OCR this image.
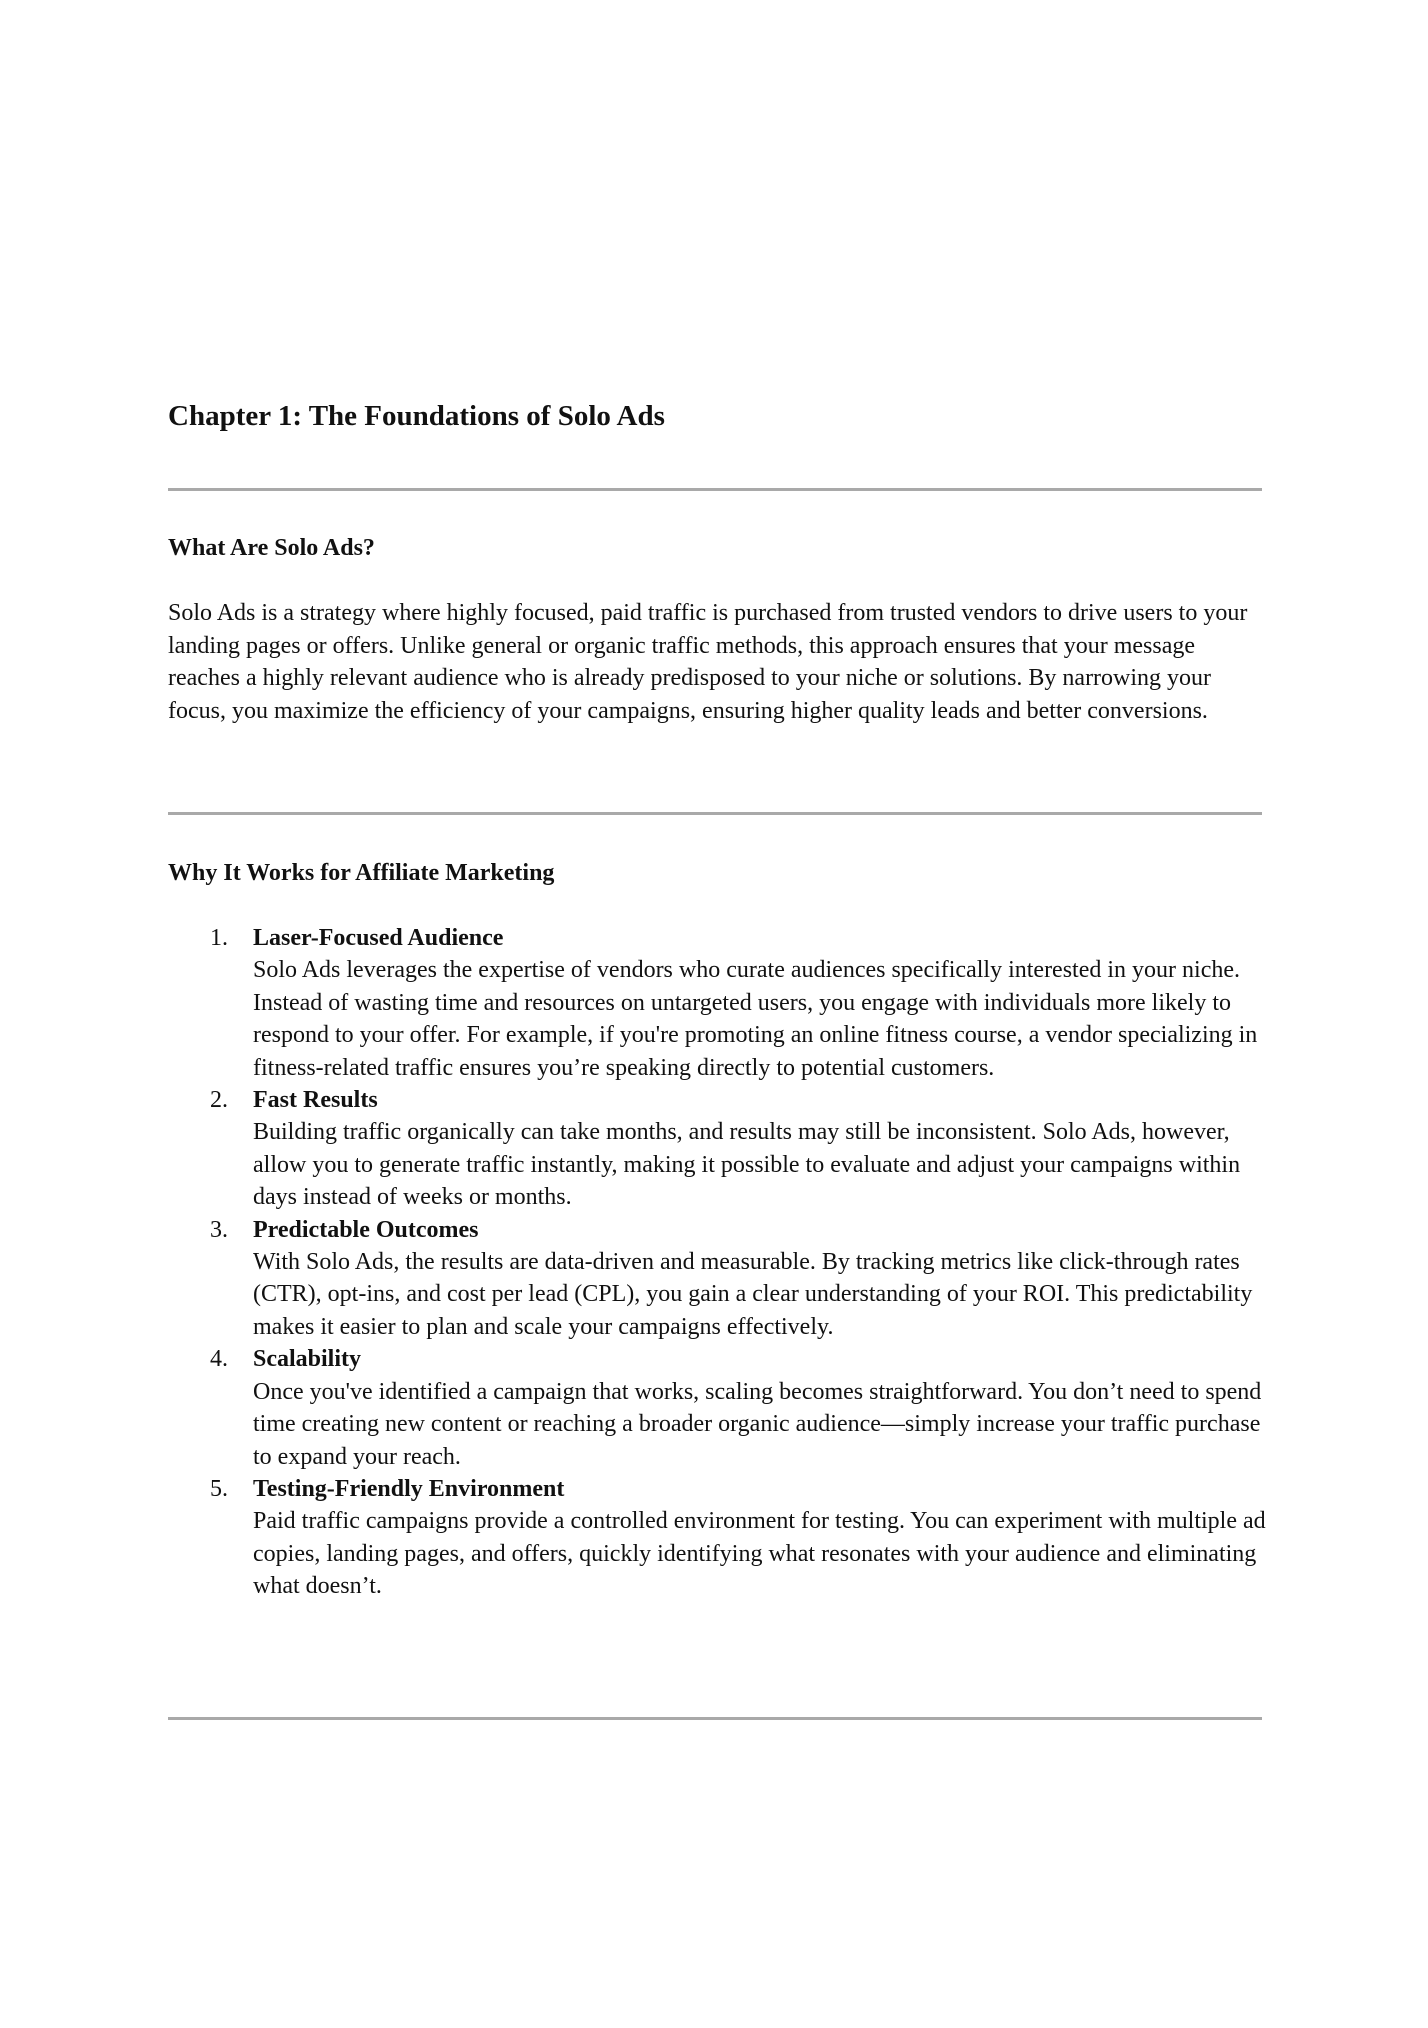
Chapter 1: The Foundations of Solo Ads
What Are Solo Ads?

Solo Ads is a strategy where highly focused, paid traffic is purchased from trusted vendors to drive users to your landing pages or offers. Unlike general or organic traffic methods, this approach ensures that your message reaches a highly relevant audience who is already predisposed to your niche or solutions. By narrowing your focus, you maximize the efficiency of your campaigns, ensuring higher quality leads and better conversions.

Why It Works for Affiliate Marketing
1. Laser-Focused Audience
Solo Ads leverages the expertise of vendors who curate audiences specifically interested in your niche. Instead of wasting time and resources on untargeted users, you engage with individuals more likely to respond to your offer. For example, if you're promoting an online fitness course, a vendor specializing in fitness-related traffic ensures you’re speaking directly to potential customers.
2. Fast Results
Building traffic organically can take months, and results may still be inconsistent. Solo Ads, however, allow you to generate traffic instantly, making it possible to evaluate and adjust your campaigns within days instead of weeks or months.
3. Predictable Outcomes
With Solo Ads, the results are data-driven and measurable. By tracking metrics like click-through rates (CTR), opt-ins, and cost per lead (CPL), you gain a clear understanding of your ROI. This predictability makes it easier to plan and scale your campaigns effectively.
4. Scalability
Once you've identified a campaign that works, scaling becomes straightforward. You don’t need to spend time creating new content or reaching a broader organic audience—simply increase your traffic purchase to expand your reach.
5. Testing-Friendly Environment
Paid traffic campaigns provide a controlled environment for testing. You can experiment with multiple ad copies, landing pages, and offers, quickly identifying what resonates with your audience and eliminating what doesn’t.
